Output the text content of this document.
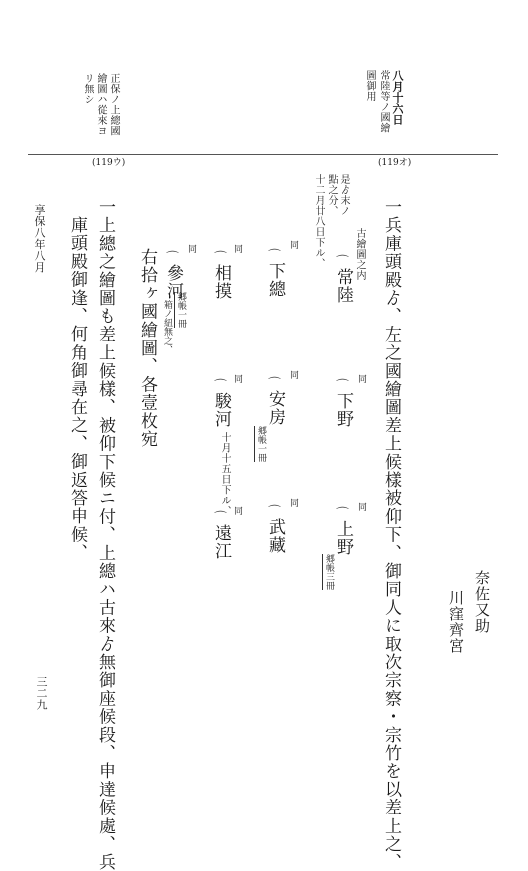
奈佐又助
川窪齊宮
八月十六日
常陸等ノ國繪
圖御用
正保ノ上總國
繪圖ハ從來ヨ
リ無シ
(119オ)
(119ウ)
一兵庫頭殿ゟ、左之國繪圖差上候樣被仰下、御同人に取次宗察・宗竹を以差上之、
古繪圖之内
是ゟ末ノ
點之分、
十二月廿八日下ル、 ⌒
常陸
同
⌒
下野
同
⌒
上野
郷帳三冊
同
⌒
下總
同
⌒
安房
郷帳一冊
同
⌒
武藏
同
⌒
相摸
同
⌒
駿河
十月十五日下ル、 同
⌒
遠江
同
⌒
參河
郷帳一冊
箱ノ紐無之、
右拾ヶ國繪圖、各壹枚宛
一上總之繪圖も差上候樣、被仰下候ニ付、上總ハ古來ゟ無御座候段、申達候處、兵
庫頭殿御逢、何角御尋在之、御返答申候、
享保八年八月
三二九
